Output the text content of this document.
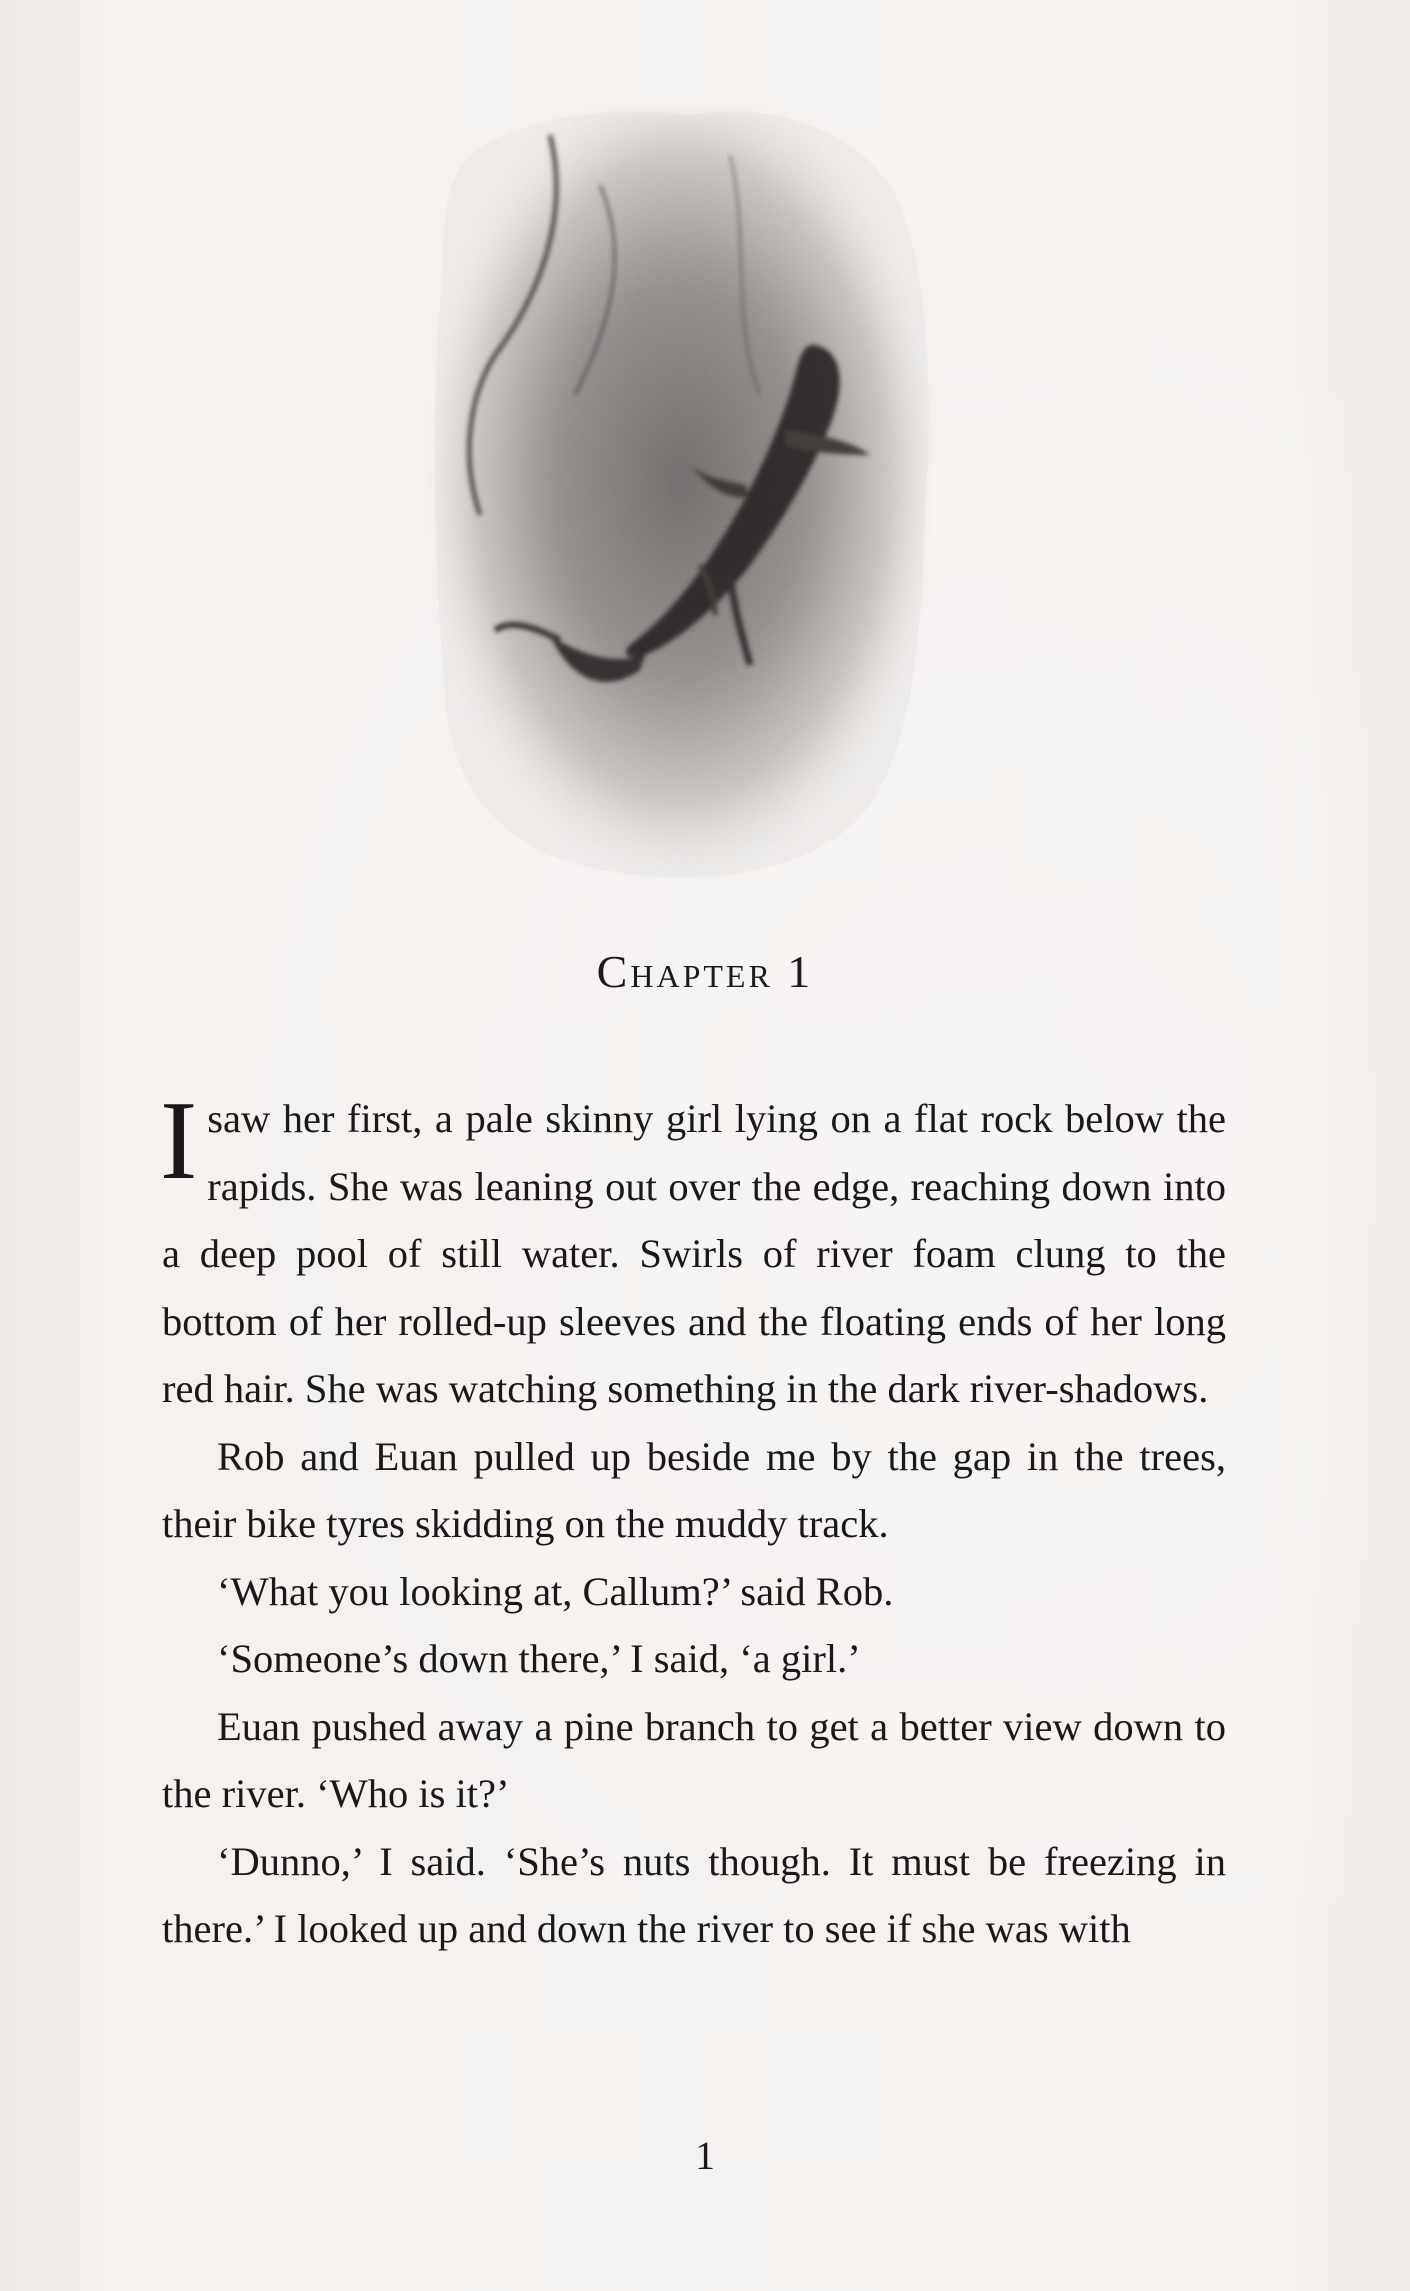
Chapter 1

I saw her first, a pale skinny girl lying on a flat rock below the rapids. She was leaning out over the edge, reaching down into a deep pool of still water. Swirls of river foam clung to the bottom of her rolled-up sleeves and the floating ends of her long red hair. She was watching something in the dark river-shadows.

Rob and Euan pulled up beside me by the gap in the trees, their bike tyres skidding on the muddy track.

‘What you looking at, Callum?’ said Rob.

‘Someone’s down there,’ I said, ‘a girl.’

Euan pushed away a pine branch to get a better view down to the river. ‘Who is it?’

‘Dunno,’ I said. ‘She’s nuts though. It must be freezing in there.’ I looked up and down the river to see if she was with

1
